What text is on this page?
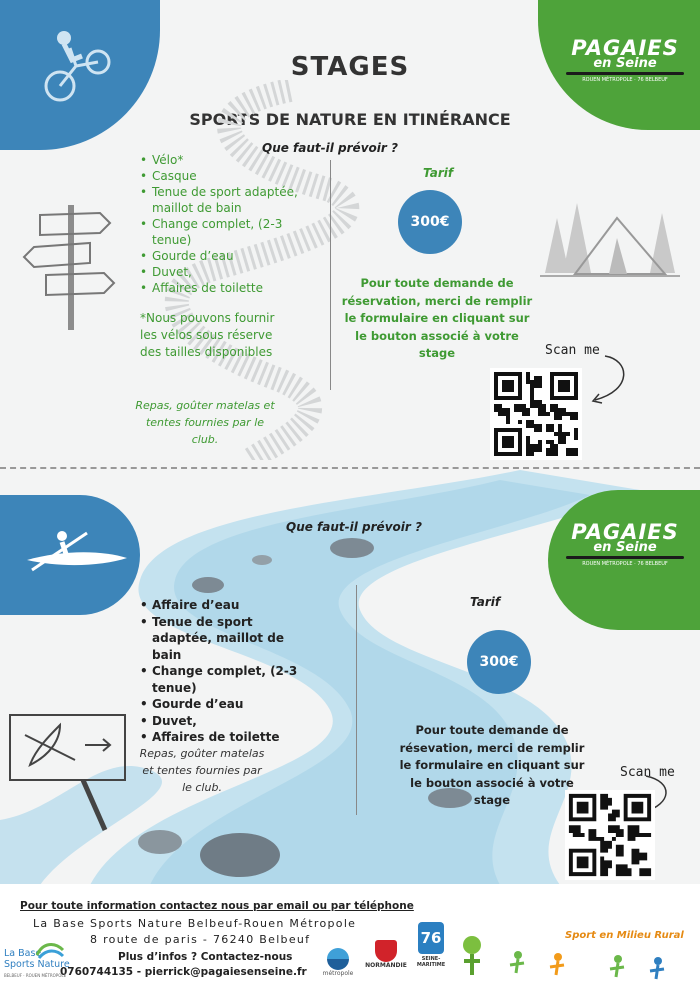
PAGAIES
en Seine
ROUEN MÉTROPOLE · 76 BELBEUF
STAGES
SPORTS DE NATURE EN ITINÉRANCE
Que faut-il prévoir ?
• Vélo*
• Casque
• Tenue de sport adaptée, maillot de bain
• Change complet, (2-3 tenue)
• Gourde d’eau
• Duvet,
• Affaires de toilette
*Nous pouvons fournir les vélos sous réserve des tailles disponibles
Repas, goûter matelas et tentes fournies par le club.
Tarif
300€
Pour toute demande de réservation, merci de remplir le formulaire en cliquant sur le bouton associé à votre stage	Scan me
PAGAIES
en Seine
ROUEN MÉTROPOLE · 76 BELBEUF
Que faut-il prévoir ?
• Affaire d’eau
• Tenue de sport adaptée, maillot de bain
• Change complet, (2-3 tenue)
• Gourde d’eau
• Duvet,
• Affaires de toilette
Repas, goûter matelas et tentes fournies par le club.
Tarif
300€
Pour toute demande de résevation, merci de remplir le formulaire en cliquant sur le bouton associé à votre stage
Scan me
Pour toute information contactez nous par email ou par téléphone
La Base Sports Nature Belbeuf-Rouen Métropole
8 route de paris - 76240 Belbeuf
Plus d’infos ? Contactez-nous
0760744135 - pierrick@pagaiesenseine.fr
La Base
Sports Nature
BELBEUF · ROUEN MÉTROPOLE	métropole
NORMANDIE
76
SEINE-MARITIME
Sport en Milieu Rural
